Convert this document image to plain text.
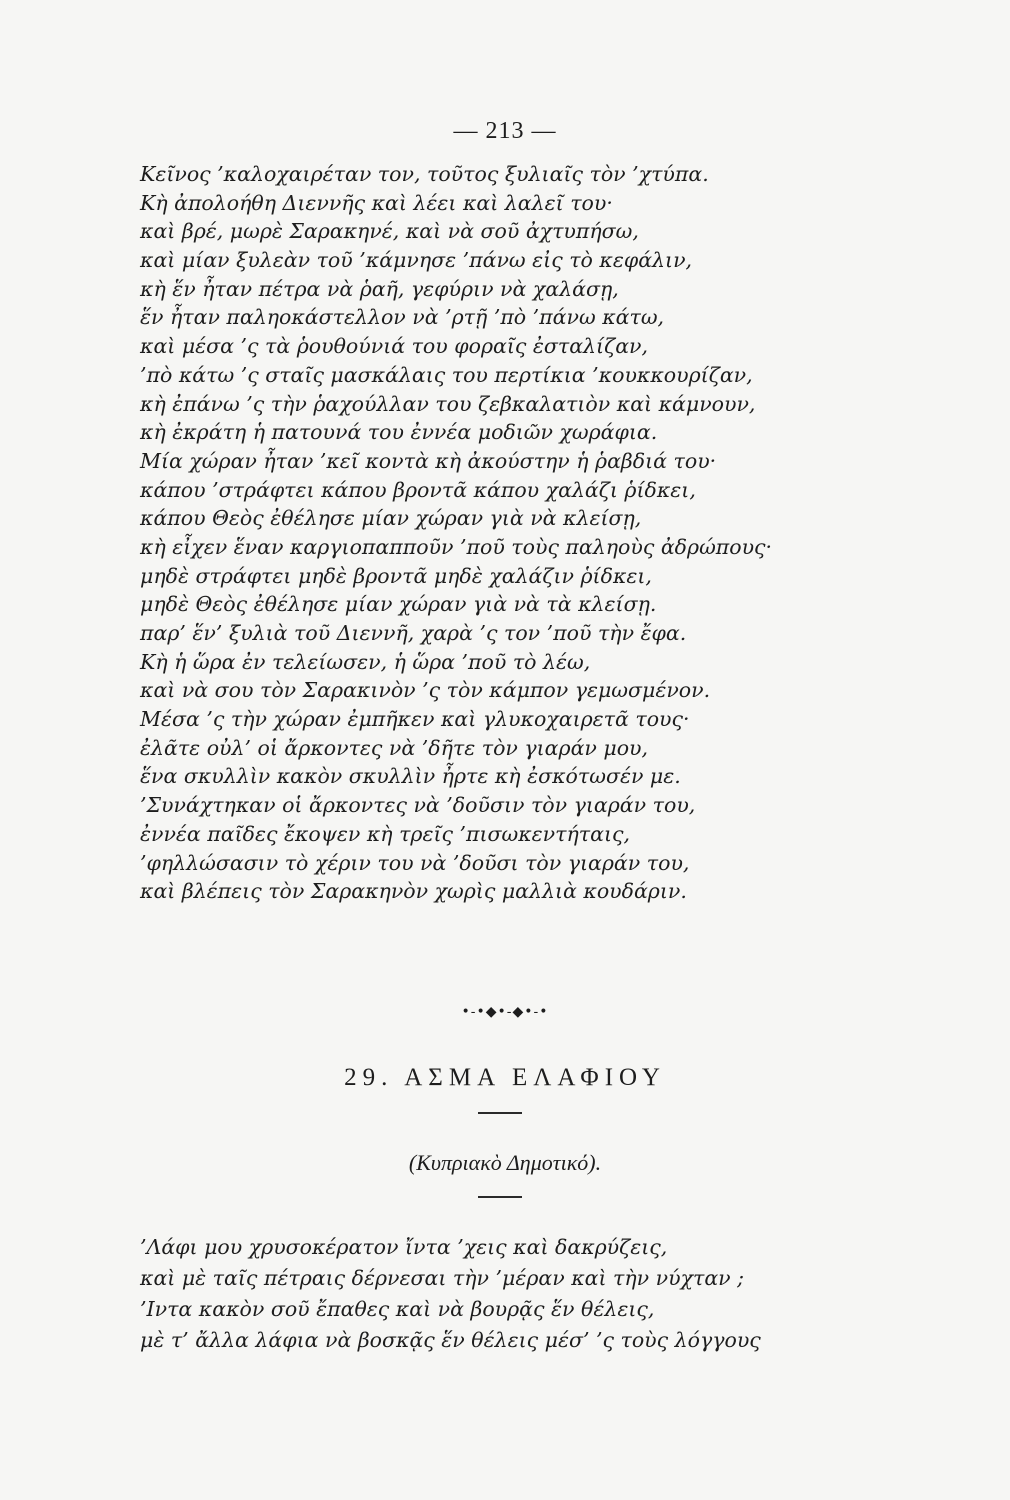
— 213 —
Κεῖνος ’καλοχαιρέταν τον, τοῦτος ξυλιαῖς τὸν ’χτύπα.
Κὴ ἀπολοήθη Διεννῆς καὶ λέει καὶ λαλεῖ του·
καὶ βρέ, μωρὲ Σαρακηνέ, καὶ νὰ σοῦ ἀχτυπήσω,
καὶ μίαν ξυλεὰν τοῦ ’κάμνησε ’πάνω εἰς τὸ κεφάλιν,
κὴ ἕν ἦταν πέτρα νὰ ῥαῆ, γεφύριν νὰ χαλάσῃ,
ἕν ἦταν παληοκάστελλον νὰ ’ρτῇ ’πὸ ’πάνω κάτω,
καὶ μέσα ’ς τὰ ῥουθούνιά του φοραῖς ἐσταλίζαν,
’πὸ κάτω ’ς σταῖς μασκάλαις του περτίκια ’κουκκουρίζαν,
κὴ ἐπάνω ’ς τὴν ῥαχούλλαν του ζεβκαλατιὸν καὶ κάμνουν,
κὴ ἐκράτη ἡ πατουνά του ἐννέα μοδιῶν χωράφια.
Μία χώραν ἦταν ’κεῖ κοντὰ κὴ ἀκούστην ἡ ῥαβδιά του·
κάπου ’στράφτει κάπου βροντᾶ κάπου χαλάζι ῥίδκει,
κάπου Θεὸς ἐθέλησε μίαν χώραν γιὰ νὰ κλείσῃ,
κὴ εἶχεν ἕναν καργιοπαπποῦν ’ποῦ τοὺς παληοὺς ἀδρώπους·
μηδὲ στράφτει μηδὲ βροντᾶ μηδὲ χαλάζιν ῥίδκει,
μηδὲ Θεὸς ἐθέλησε μίαν χώραν γιὰ νὰ τὰ κλείσῃ.
παρ’ ἕν’ ξυλιὰ τοῦ Διεννῆ, χαρὰ ’ς τον ’ποῦ τὴν ἔφα.
Κὴ ἡ ὥρα ἐν τελείωσεν, ἡ ὥρα ’ποῦ τὸ λέω,
καὶ νὰ σου τὸν Σαρακινὸν ’ς τὸν κάμπον γεμωσμένον.
Μέσα ’ς τὴν χώραν ἐμπῆκεν καὶ γλυκοχαιρετᾶ τους·
ἐλᾶτε οὐλ’ οἱ ἄρκοντες νὰ ’δῆτε τὸν γιαράν μου,
ἕνα σκυλλὶν κακὸν σκυλλὶν ἦρτε κὴ ἐσκότωσέν με.
’Συνάχτηκαν οἱ ἄρκοντες νὰ ’δοῦσιν τὸν γιαράν του,
ἐννέα παῖδες ἔκοψεν κὴ τρεῖς ’πισωκεντήταις,
’φηλλώσασιν τὸ χέριν του νὰ ’δοῦσι τὸν γιαράν του,
καὶ βλέπεις τὸν Σαρακηνὸν χωρὶς μαλλιὰ κουδάριν.
•-•◆•-◆•-•
29. ΑΣΜΑ ΕΛΑΦΙΟΥ
(Κυπριακὸ Δημοτικό).
’Λάφι μου χρυσοκέρατον ἴντα ’χεις καὶ δακρύζεις,
καὶ μὲ ταῖς πέτραις δέρνεσαι τὴν ’μέραν καὶ τὴν νύχταν ;
’Ιντα κακὸν σοῦ ἔπαθες καὶ νὰ βουρᾷς ἕν θέλεις,
μὲ τ’ ἄλλα λάφια νὰ βοσκᾷς ἕν θέλεις μέσ’ ’ς τοὺς λόγγους
